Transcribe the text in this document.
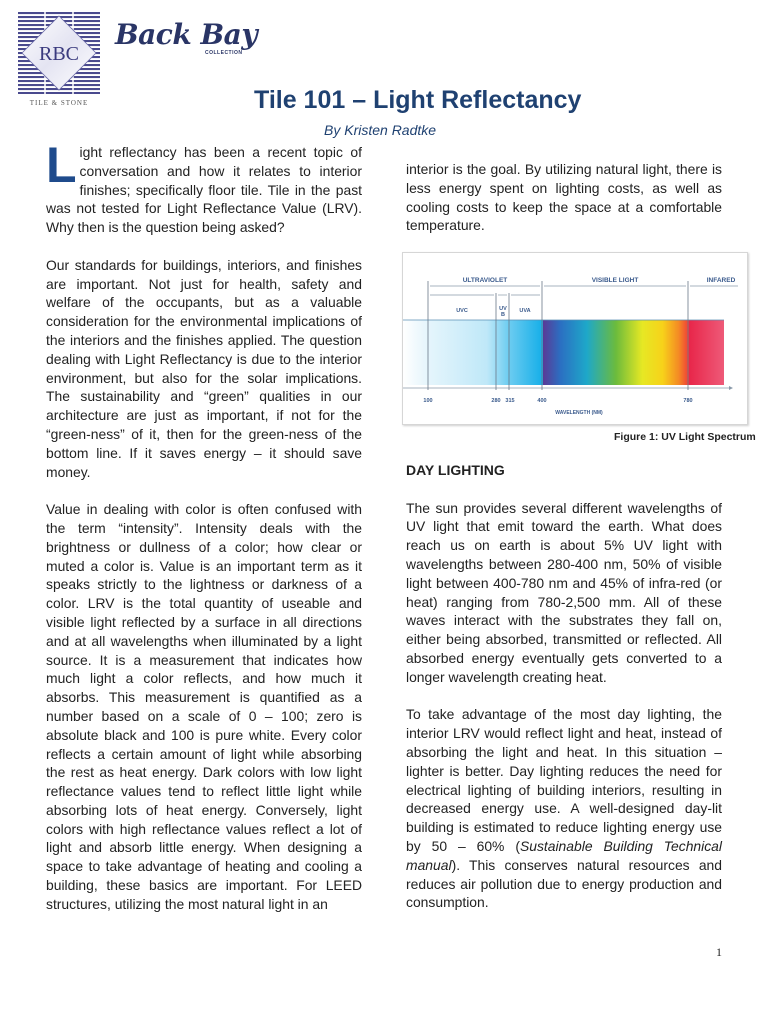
RBC
TILE & STONE
Back Bay
COLLECTION
Tile 101 – Light Reflectancy
By Kristen Radtke

L ight reflectancy has been a recent topic of conversation and how it relates to interior finishes; specifically floor tile. Tile in the past was not tested for Light Reflectance Value (LRV). Why then is the question being asked?

Our standards for buildings, interiors, and finishes are important. Not just for health, safety and welfare of the occupants, but as a valuable consideration for the environmental implications of the interiors and the finishes applied. The question dealing with Light Reflectancy is due to the interior environment, but also for the solar implications. The sustainability and “green” qualities in our architecture are just as important, if not for the “green-ness” of it, then for the green-ness of the bottom line. If it saves energy – it should save money.

Value in dealing with color is often confused with the term “intensity”. Intensity deals with the brightness or dullness of a color; how clear or muted a color is. Value is an important term as it speaks strictly to the lightness or darkness of a color. LRV is the total quantity of useable and visible light reflected by a surface in all directions and at all wavelengths when illuminated by a light source. It is a measurement that indicates how much light a color reflects, and how much it absorbs. This measurement is quantified as a number based on a scale of 0 – 100; zero is absolute black and 100 is pure white. Every color reflects a certain amount of light while absorbing the rest as heat energy. Dark colors with low light reflectance values tend to reflect little light while absorbing lots of heat energy. Conversely, light colors with high reflectance values reflect a lot of light and absorb little energy. When designing a space to take advantage of heating and cooling a building, these basics are important. For LEED structures, utilizing the most natural light in an

interior is the goal. By utilizing natural light, there is less energy spent on lighting costs, as well as cooling costs to keep the space at a comfortable temperature.

ULTRAVIOLET	VISIBLE LIGHT	INFARED
UVC	UV
B
UVA
100	280 315	400	780
WAVELENGTH (NM)
Figure 1: UV Light Spectrum
DAY LIGHTING

The sun provides several different wavelengths of UV light that emit toward the earth. What does reach us on earth is about 5% UV light with wavelengths between 280-400 nm, 50% of visible light between 400-780 nm and 45% of infra-red (or heat) ranging from 780-2,500 mm. All of these waves interact with the substrates they fall on, either being absorbed, transmitted or reflected. All absorbed energy eventually gets converted to a longer wavelength creating heat.

To take advantage of the most day lighting, the interior LRV would reflect light and heat, instead of absorbing the light and heat. In this situation – lighter is better. Day lighting reduces the need for electrical lighting of building interiors, resulting in decreased energy use. A well-designed day-lit building is estimated to reduce lighting energy use by 50 – 60% (Sustainable Building Technical manual). This conserves natural resources and reduces air pollution due to energy production and consumption.

1
